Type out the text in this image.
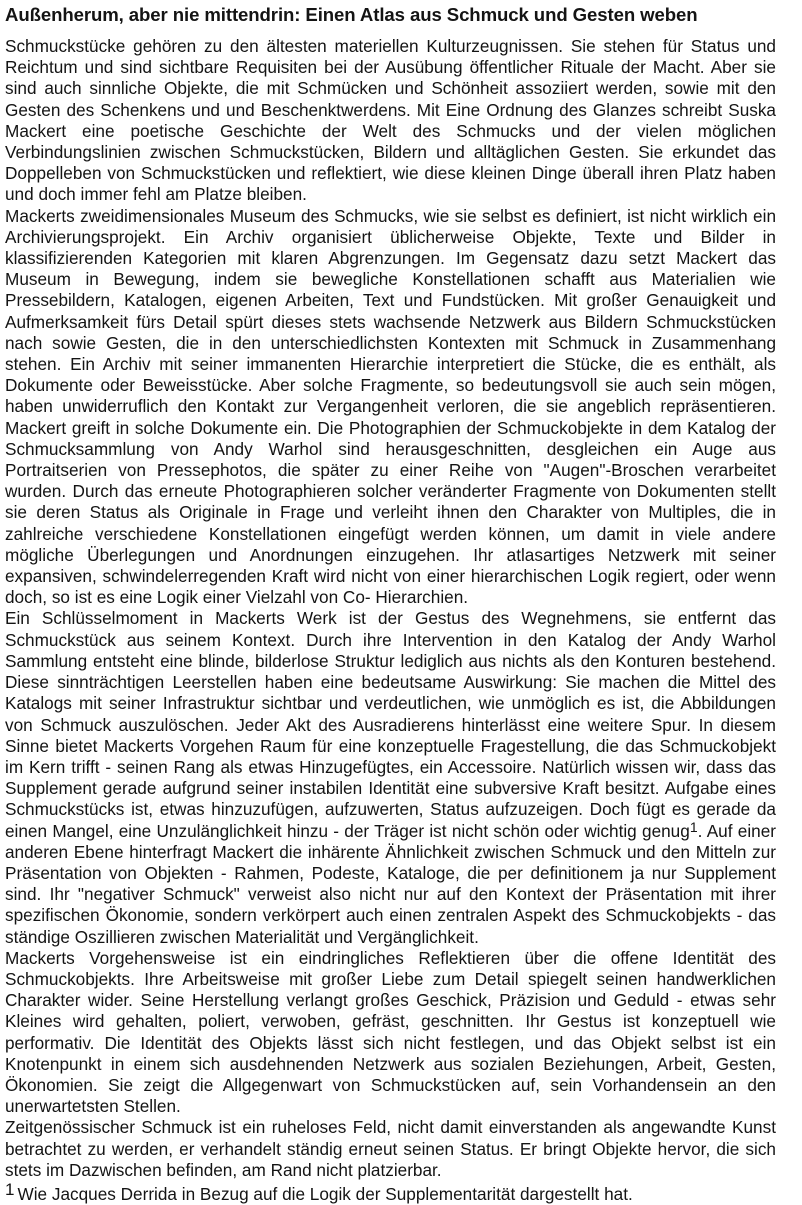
Außenherum, aber nie mittendrin: Einen Atlas aus Schmuck und Gesten weben

Schmuckstücke gehören zu den ältesten materiellen Kulturzeugnissen. Sie stehen für Status und Reichtum und sind sichtbare Requisiten bei der Ausübung öffentlicher Rituale der Macht. Aber sie sind auch sinnliche Objekte, die mit Schmücken und Schönheit assoziiert werden, sowie mit den Gesten des Schenkens und und Beschenktwerdens. Mit Eine Ordnung des Glanzes schreibt Suska Mackert eine poetische Geschichte der Welt des Schmucks und der vielen möglichen Verbindungslinien zwischen Schmuckstücken, Bildern und alltäglichen Gesten. Sie erkundet das Doppelleben von Schmuckstücken und reflektiert, wie diese kleinen Dinge überall ihren Platz haben und doch immer fehl am Platze bleiben.

Mackerts zweidimensionales Museum des Schmucks, wie sie selbst es definiert, ist nicht wirklich ein Archivierungsprojekt. Ein Archiv organisiert üblicherweise Objekte, Texte und Bilder in klassifizierenden Kategorien mit klaren Abgrenzungen. Im Gegensatz dazu setzt Mackert das Museum in Bewegung, indem sie bewegliche Konstellationen schafft aus Materialien wie Pressebildern, Katalogen, eigenen Arbeiten, Text und Fundstücken. Mit großer Genauigkeit und Aufmerksamkeit fürs Detail spürt dieses stets wachsende Netzwerk aus Bildern Schmuckstücken nach sowie Gesten, die in den unterschiedlichsten Kontexten mit Schmuck in Zusammenhang stehen. Ein Archiv mit seiner immanenten Hierarchie interpretiert die Stücke, die es enthält, als Dokumente oder Beweisstücke. Aber solche Fragmente, so bedeutungsvoll sie auch sein mögen, haben unwiderruflich den Kontakt zur Vergangenheit verloren, die sie angeblich repräsentieren. Mackert greift in solche Dokumente ein. Die Photographien der Schmuckobjekte in dem Katalog der Schmucksammlung von Andy Warhol sind herausgeschnitten, desgleichen ein Auge aus Portraitserien von Pressephotos, die später zu einer Reihe von "Augen"-Broschen verarbeitet wurden. Durch das erneute Photographieren solcher veränderter Fragmente von Dokumenten stellt sie deren Status als Originale in Frage und verleiht ihnen den Charakter von Multiples, die in zahlreiche verschiedene Konstellationen eingefügt werden können, um damit in viele andere mögliche Überlegungen und Anordnungen einzugehen. Ihr atlasartiges Netzwerk mit seiner expansiven, schwindelerregenden Kraft wird nicht von einer hierarchischen Logik regiert, oder wenn doch, so ist es eine Logik einer Vielzahl von Co- Hierarchien.

Ein Schlüsselmoment in Mackerts Werk ist der Gestus des Wegnehmens, sie entfernt das Schmuckstück aus seinem Kontext. Durch ihre Intervention in den Katalog der Andy Warhol Sammlung entsteht eine blinde, bilderlose Struktur lediglich aus nichts als den Konturen bestehend. Diese sinnträchtigen Leerstellen haben eine bedeutsame Auswirkung: Sie machen die Mittel des Katalogs mit seiner Infrastruktur sichtbar und verdeutlichen, wie unmöglich es ist, die Abbildungen von Schmuck auszulöschen. Jeder Akt des Ausradierens hinterlässt eine weitere Spur. In diesem Sinne bietet Mackerts Vorgehen Raum für eine konzeptuelle Fragestellung, die das Schmuckobjekt im Kern trifft - seinen Rang als etwas Hinzugefügtes, ein Accessoire. Natürlich wissen wir, dass das Supplement gerade aufgrund seiner instabilen Identität eine subversive Kraft besitzt. Aufgabe eines Schmuckstücks ist, etwas hinzuzufügen, aufzuwerten, Status aufzuzeigen. Doch fügt es gerade da einen Mangel, eine Unzulänglichkeit hinzu - der Träger ist nicht schön oder wichtig genug$^1$. Auf einer anderen Ebene hinterfragt Mackert die inhärente Ähnlichkeit zwischen Schmuck und den Mitteln zur Präsentation von Objekten - Rahmen, Podeste, Kataloge, die per definitionem ja nur Supplement sind. Ihr "negativer Schmuck" verweist also nicht nur auf den Kontext der Präsentation mit ihrer spezifischen Ökonomie, sondern verkörpert auch einen zentralen Aspekt des Schmuckobjekts - das ständige Oszillieren zwischen Materialität und Vergänglichkeit.

Mackerts Vorgehensweise ist ein eindringliches Reflektieren über die offene Identität des Schmuckobjekts. Ihre Arbeitsweise mit großer Liebe zum Detail spiegelt seinen handwerklichen Charakter wider. Seine Herstellung verlangt großes Geschick, Präzision und Geduld - etwas sehr Kleines wird gehalten, poliert, verwoben, gefräst, geschnitten. Ihr Gestus ist konzeptuell wie performativ. Die Identität des Objekts lässt sich nicht festlegen, und das Objekt selbst ist ein Knotenpunkt in einem sich ausdehnenden Netzwerk aus sozialen Beziehungen, Arbeit, Gesten, Ökonomien. Sie zeigt die Allgegenwart von Schmuckstücken auf, sein Vorhandensein an den unerwartetsten Stellen.

Zeitgenössischer Schmuck ist ein ruheloses Feld, nicht damit einverstanden als angewandte Kunst betrachtet zu werden, er verhandelt ständig erneut seinen Status. Er bringt Objekte hervor, die sich stets im Dazwischen befinden, am Rand nicht platzierbar.

1 Wie Jacques Derrida in Bezug auf die Logik der Supplementarität dargestellt hat.
